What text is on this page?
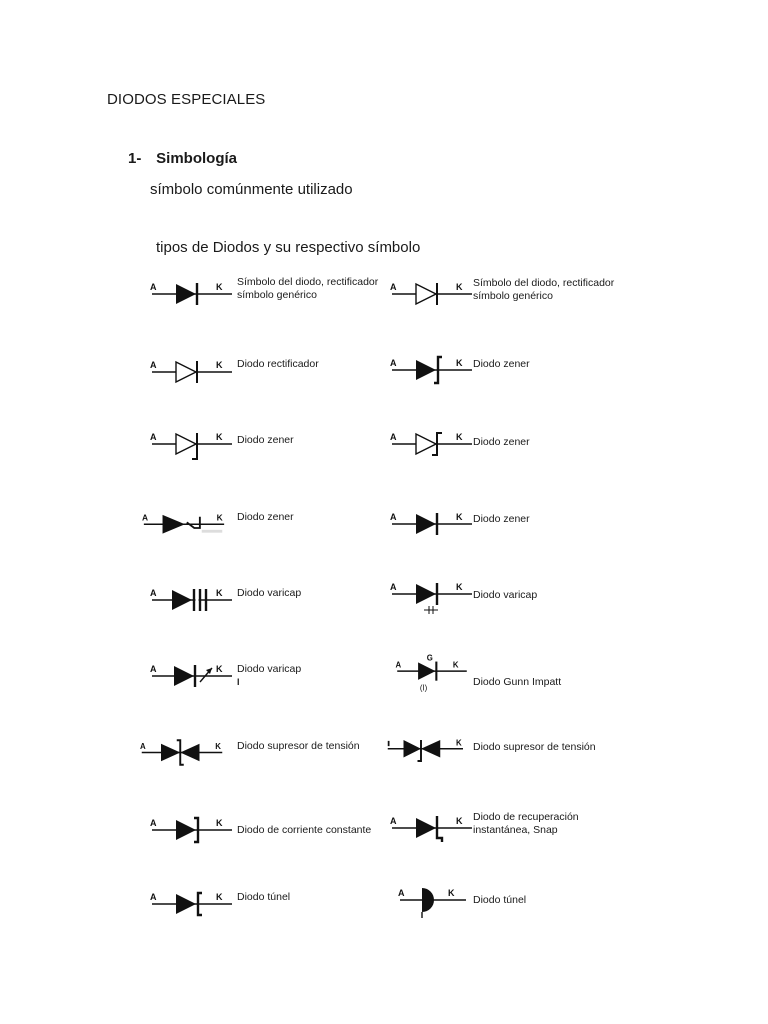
DIODOS ESPECIALES
1- Simbología
símbolo comúnmente utilizado
tipos de Diodos y su respectivo símbolo
A	K Símbolo del diodo, rectificador
símbolo genérico
A	K Diodo rectificador
A	K Diodo zener
A	K Diodo zener
A	K Diodo varicap
A	K Diodo varicap
I
A	K Diodo supresor de tensión
A	K
Diodo de corriente constante
A	K Diodo túnel
A	K Símbolo del diodo, rectificador
símbolo genérico
A	K Diodo zener
A	K Diodo zener
A	K Diodo zener
A	K
Diodo varicap
G
A	K
(I)	Diodo Gunn Impatt
K Diodo supresor de tensión
A	K Diodo de recuperación
instantánea, Snap
A	K
Diodo túnel
